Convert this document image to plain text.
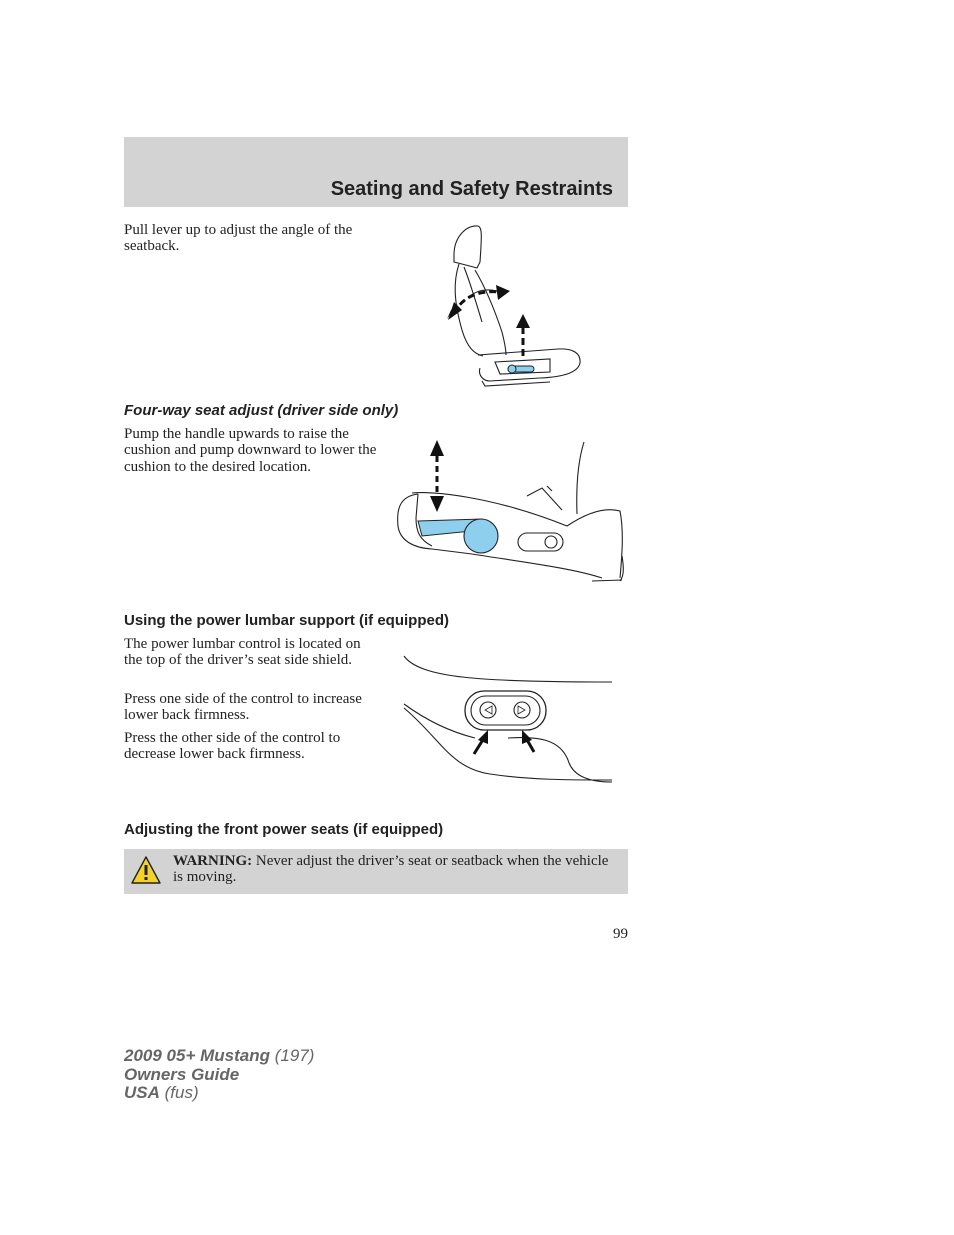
Seating and Safety Restraints

Pull lever up to adjust the angle of the seatback.

Four-way seat adjust (driver side only)

Pump the handle upwards to raise the cushion and pump downward to lower the cushion to the desired location.

Using the power lumbar support (if equipped)

The power lumbar control is located on the top of the driver’s seat side shield.

Press one side of the control to increase lower back firmness.

Press the other side of the control to decrease lower back firmness.

Adjusting the front power seats (if equipped)

WARNING: Never adjust the driver’s seat or seatback when the vehicle is moving.

99
2009 05+ Mustang (197)
Owners Guide
USA (fus)
